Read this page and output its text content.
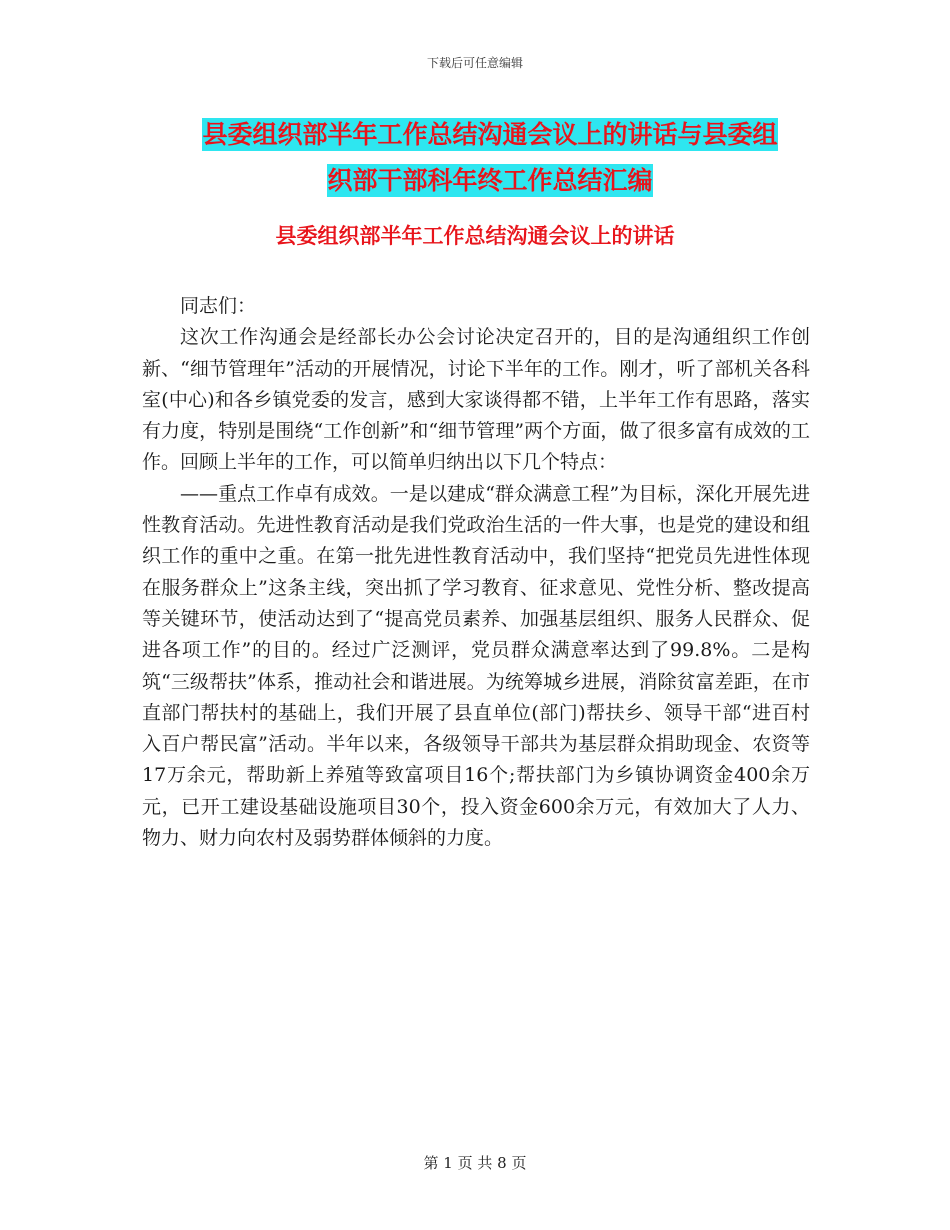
下载后可任意编辑
县委组织部半年工作总结沟通会议上的讲话与县委组
织部干部科年终工作总结汇编
县委组织部半年工作总结沟通会议上的讲话

同志们：

这次工作沟通会是经部长办公会讨论决定召开的，目的是沟通组织工作创新、“细节管理年”活动的开展情况，讨论下半年的工作。刚才，听了部机关各科室(中心)和各乡镇党委的发言，感到大家谈得都不错，上半年工作有思路，落实有力度，特别是围绕“工作创新”和“细节管理”两个方面，做了很多富有成效的工作。回顾上半年的工作，可以简单归纳出以下几个特点：

——重点工作卓有成效。一是以建成“群众满意工程”为目标，深化开展先进性教育活动。先进性教育活动是我们党政治生活的一件大事，也是党的建设和组织工作的重中之重。在第一批先进性教育活动中，我们坚持“把党员先进性体现在服务群众上”这条主线，突出抓了学习教育、征求意见、党性分析、整改提高等关键环节，使活动达到了“提高党员素养、加强基层组织、服务人民群众、促进各项工作”的目的。经过广泛测评，党员群众满意率达到了99.8%。二是构筑“三级帮扶”体系，推动社会和谐进展。为统筹城乡进展，消除贫富差距，在市直部门帮扶村的基础上，我们开展了县直单位(部门)帮扶乡、领导干部“进百村入百户帮民富”活动。半年以来，各级领导干部共为基层群众捐助现金、农资等17万余元，帮助新上养殖等致富项目16个;帮扶部门为乡镇协调资金400余万元，已开工建设基础设施项目30个，投入资金600余万元，有效加大了人力、物力、财力向农村及弱势群体倾斜的力度。

第 1 页 共 8 页
